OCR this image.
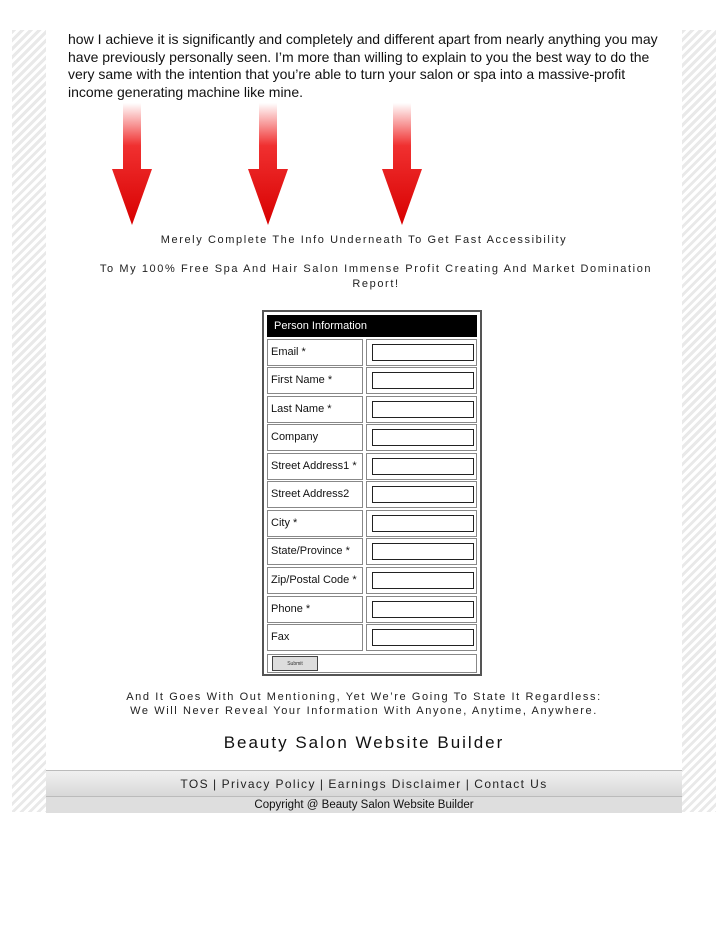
how I achieve it is significantly and completely and different apart from nearly anything you may have previously personally seen. I’m more than willing to explain to you the best way to do the very same with the intention that you’re able to turn your salon or spa into a massive-profit income generating machine like mine.
Merely Complete The Info Underneath To Get Fast Accessibility
To My 100% Free Spa And Hair Salon Immense Profit Creating And Market Domination Report!
Person Information
Email *
First Name *
Last Name *
Company
Street Address1 *
Street Address2
City *
State/Province *
Zip/Postal Code *
Phone *
Fax
Submit
And It Goes With Out Mentioning, Yet We’re Going To State It Regardless:
We Will Never Reveal Your Information With Anyone, Anytime, Anywhere.
Beauty Salon Website Builder
TOS | Privacy Policy | Earnings Disclaimer | Contact Us
Copyright @ Beauty Salon Website Builder
